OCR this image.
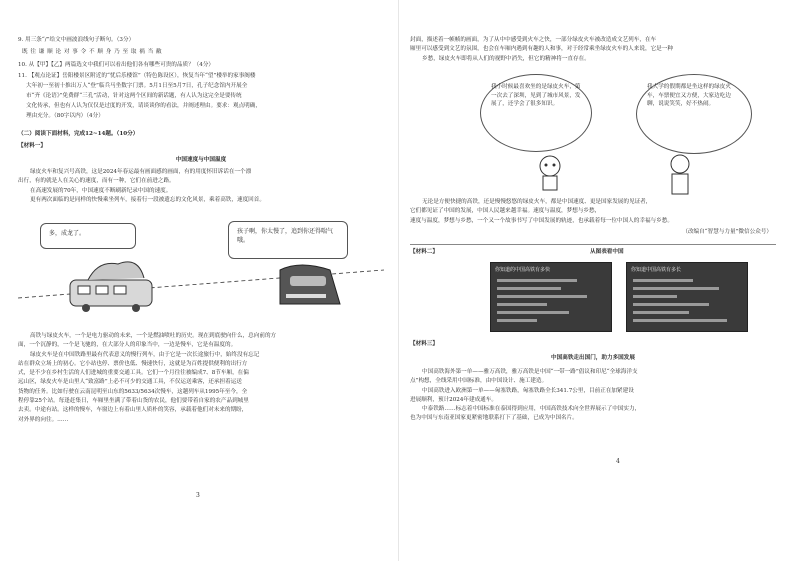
9. 用三条“/”给文中画波浪线句子断句。（3分）

既 往 谦 顺 论 对 事 令 不 顺 身 乃 至 取 祸 当 敝

10. 从【甲】【乙】两篇选文中我们可以看出他们各有哪些可贵的品质？（4分）

11. 【观点论证】岳阳楼景区附近的“忧后乐楼馆”（特色陈设区），恢复当年“望”楼举的家事阁楼

大年初一至初十推出万人“登”临兵马坐数字门票。5月1日至5月7日，孔子纪念馆内开展全

市“齐《论语》”免费群“三孔”活动，针对这两个区间的新话题，有人认为这完全是要传统

文化传承，但也有人认为仅仅是过度的开发，请谈谈你的看法，并阐述理由。要求：观点明确，

理由充分。（80字以内）（4分）

（二）阅读下面材料，完成12~14题。（10分）

【材料一】

中国速度与中国温度

绿皮火车和复兴号高铁，这是2024年春运最有画面感的画面，有的用度怀旧诉话在一个漂

出行，有的就是人在关心的速度，而有一种，它们在前进之路。

在高速发展的70年，中国速度不断刷新纪录中国的速度。

更有两次面临的是同样的快慢乘坐列车，接着行一段被遗忘的文化风景，乘着高铁，速度回首。

多，成龙了。	孩子啊，你太慢了，追到你还得喘气哦。

高铁与绿皮火车，一个是电力驱动的未来，一个是燃油喷吐的历史。现在到底驶向什么，总向前的方

面，一个沉静的，一个是飞驰的，在大部分人的印象当中，一边是慢车，它是有温度的。

绿皮火车是在中国铁路里最有代表意义的慢行列车，由于它是一次长途旅行中，始终没有忘记

站在群众立场上的初心。它小站也停、票价也低、慢速快行，这就是为百姓提供便利的出行方

式，是不少在乡村生活的人们进城的重要交通工具。它们一个月往往被编成7、8节车厢，在偏

远山区，绿皮火车是山里人“致富路”上必不可少的交通工具，不仅运送乘客，还承担着运送

货物的任务。比如行驶在云南昆明至山东的5633/5634次慢车，这趟列车从1995年至今，全

程停靠25个站。每逢赶集日，车厢里坐满了带着山货的农民，他们要带着自家的农产品到城里

去卖。中途有站。这样的慢车，车窗边上有着山里人质朴的笑容，承载着他们对未来的期盼，

对外界的向往。……

3

封面，描述着一帧帧的画面，为了从中中感受到火车之快，一部分绿皮火车被改造成文艺列车，在车

厢里可以感受到文艺的氛围，也会在车厢内遇到有趣的人和事，对于经常乘坐绿皮火车的人来说，它是一种

乡愁，绿皮火车即将从人们的视野中消失，但它的精神将一直存在。

我小时候最喜欢坐的是绿皮火车，第一次去了深圳，见到了城市风景，发展了，还学会了很多知识。
我大学的假期都是坐这样的绿皮火车，车票便宜又方便，大家边吃边聊，说说笑笑，好不热闹。

无论是方便快捷的高铁，还是慢慢悠悠的绿皮火车，都是中国速度、更是国家发展的见证者，

它们都见证了中国的发展，中国人民越来越幸福。速度与温度，梦想与乡愁，

速度与温度，梦想与乡愁，一个又一个故事书写了中国发展的轨迹，也承载着每一位中国人的幸福与乡愁。

（改编自“智慧与力量”微信公众号）

【材料二】	从图表看中国

你知道的中国高铁有多快	你知道中国高铁有多长

【材料三】

中国高铁走出国门，助力多国发展

中国高铁海外第一单——雅万高铁，雅万高铁是中国“一带一路”倡议和印尼“全球海洋支

点”构想，全线采用中国标准，由中国设计、施工建造。

中国高铁进入欧洲第一单——匈塞铁路，匈塞铁路全长341.7公里，目前正在加紧建设

进展顺利，预计2024年建成通车。

中泰铁路……标志着中国标准在泰国得到应用，中国高铁技术向全世界展示了中国实力，

也为中国与东南亚国家更紧密地联系打下了基础，已成为中国名片。

4
